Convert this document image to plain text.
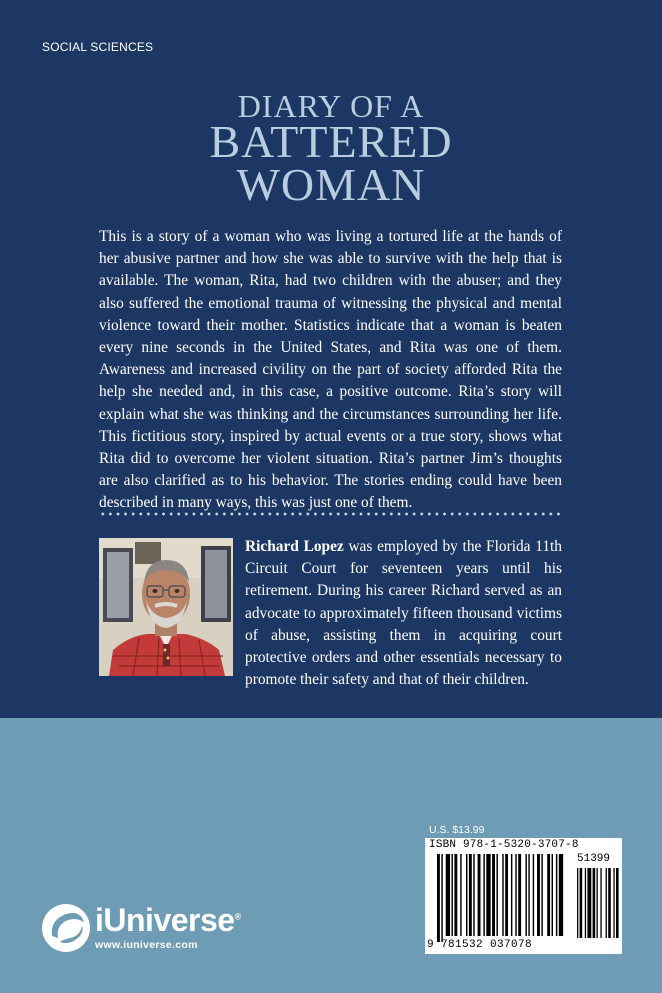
SOCIAL SCIENCES
DIARY OF A
BATTERED
WOMAN
This is a story of a woman who was living a tortured life at the hands of her abusive partner and how she was able to survive with the help that is available. The woman, Rita, had two children with the abuser; and they also suffered the emotional trauma of witnessing the physical and mental violence toward their mother. Statistics indicate that a woman is beaten every nine seconds in the United States, and Rita was one of them. Awareness and increased civility on the part of society afforded Rita the help she needed and, in this case, a positive outcome. Rita’s story will explain what she was thinking and the circumstances surrounding her life. This fictitious story, inspired by actual events or a true story, shows what Rita did to overcome her violent situation. Rita’s partner Jim’s thoughts are also clarified as to his behavior. The stories ending could have been described in many ways, this was just one of them.
Richard Lopez was employed by the Florida 11th Circuit Court for seventeen years until his retirement. During his career Richard served as an advocate to approximately fifteen thousand victims of abuse, assisting them in acquiring court protective orders and other essentials necessary to promote their safety and that of their children.
U.S. $13.99
ISBN 978-1-5320-3707-8
51399
9 781532 037078
iUniverse®
www.iuniverse.com
